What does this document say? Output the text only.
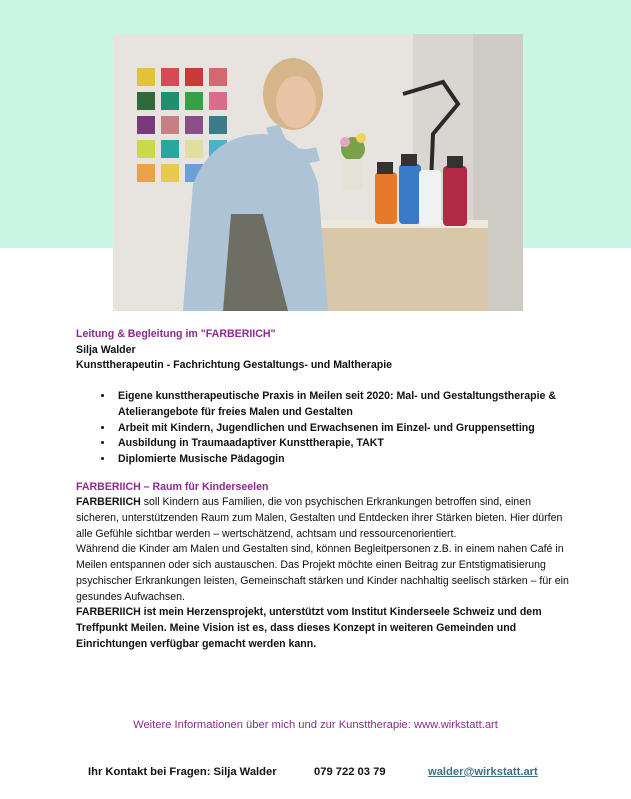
Leitung & Begleitung im "FARBERIICH"

Silja Walder

Kunsttherapeutin - Fachrichtung Gestaltungs- und Maltherapie

• Eigene kunsttherapeutische Praxis in Meilen seit 2020: Mal- und Gestaltungstherapie & Atelierangebote für freies Malen und Gestalten
• Arbeit mit Kindern, Jugendlichen und Erwachsenen im Einzel- und Gruppensetting
• Ausbildung in Traumaadaptiver Kunsttherapie, TAKT
• Diplomierte Musische Pädagogin

FARBERIICH – Raum für Kinderseelen

FARBERIICH soll Kindern aus Familien, die von psychischen Erkrankungen betroffen sind, einen sicheren, unterstützenden Raum zum Malen, Gestalten und Entdecken ihrer Stärken bieten. Hier dürfen alle Gefühle sichtbar werden – wertschätzend, achtsam und ressourcenorientiert.

Während die Kinder am Malen und Gestalten sind, können Begleitpersonen z.B. in einem nahen Café in Meilen entspannen oder sich austauschen. Das Projekt möchte einen Beitrag zur Entstigmatisierung psychischer Erkrankungen leisten, Gemeinschaft stärken und Kinder nachhaltig seelisch stärken – für ein gesundes Aufwachsen.

FARBERIICH ist mein Herzensprojekt, unterstützt vom Institut Kinderseele Schweiz und dem Treffpunkt Meilen. Meine Vision ist es, dass dieses Konzept in weiteren Gemeinden und Einrichtungen verfügbar gemacht werden kann.

Weitere Informationen über mich und zur Kunsttherapie: www.wirkstatt.art
Ihr Kontakt bei Fragen: Silja Walder	079 722 03 79	walder@wirkstatt.art
